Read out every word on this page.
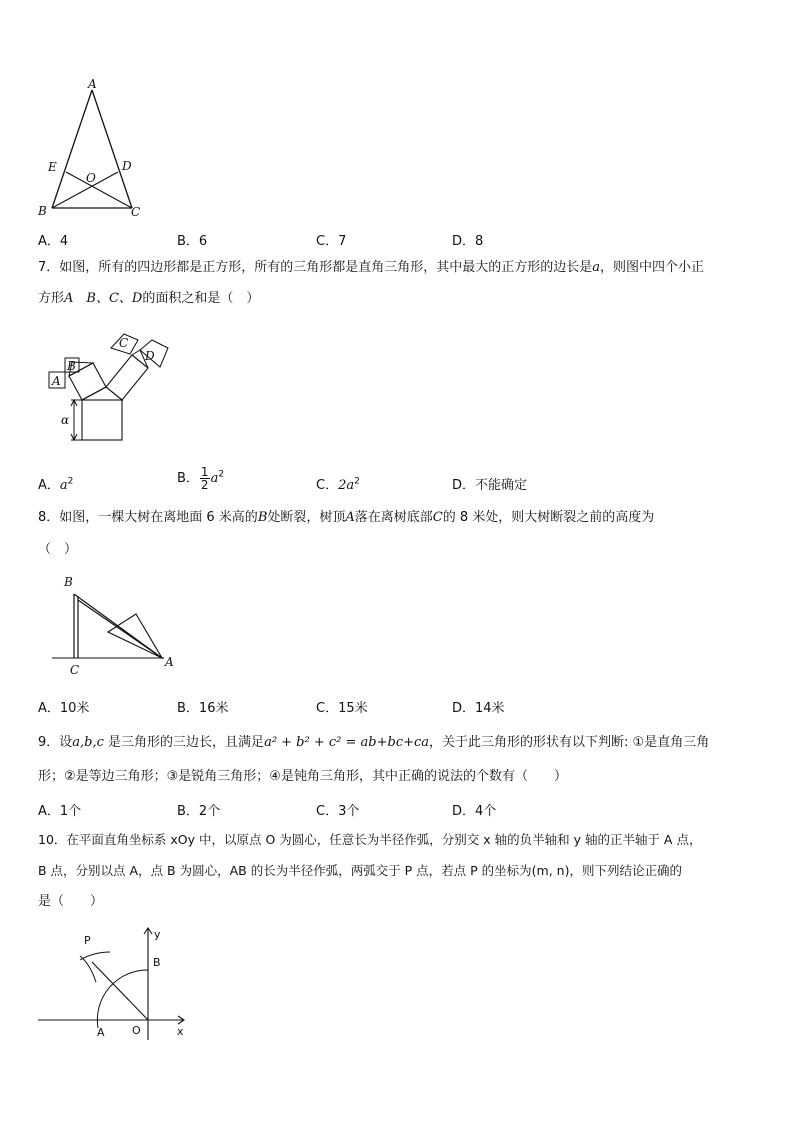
A
E	D
O
B	C
A．4	B．6	C．7	D．8
7．如图，所有的四边形都是正方形，所有的三角形都是直角三角形，其中最大的正方形的边长是a，则图中四个小正
方形A　B、C、D的面积之和是（　）
A
B
C
D
α
A．$a^2$	B． $\frac{1}{2} a^2$
C．$2a^2$	D．不能确定
8．如图，一棵大树在离地面 6 米高的B处断裂，树顶A落在离树底部C的 8 米处，则大树断裂之前的高度为
（　）
B
C
A
A．10米	B．16米	C．15米	D．14米
9．设a,b,c 是三角形的三边长，且满足a² + b² + c² = ab+bc+ca，关于此三角形的形状有以下判断: ①是直角三角
形；②是等边三角形；③是锐角三角形；④是钝角三角形，其中正确的说法的个数有（　　）
A．1个	B．2个	C．3个	D．4个
10．在平面直角坐标系 xOy 中，以原点 O 为圆心，任意长为半径作弧，分别交 x 轴的负半轴和 y 轴的正半轴于 A 点，
B 点，分别以点 A，点 B 为圆心，AB 的长为半径作弧，两弧交于 P 点，若点 P 的坐标为(m, n)，则下列结论正确的
是（　　）
P	y
B
A O	x
